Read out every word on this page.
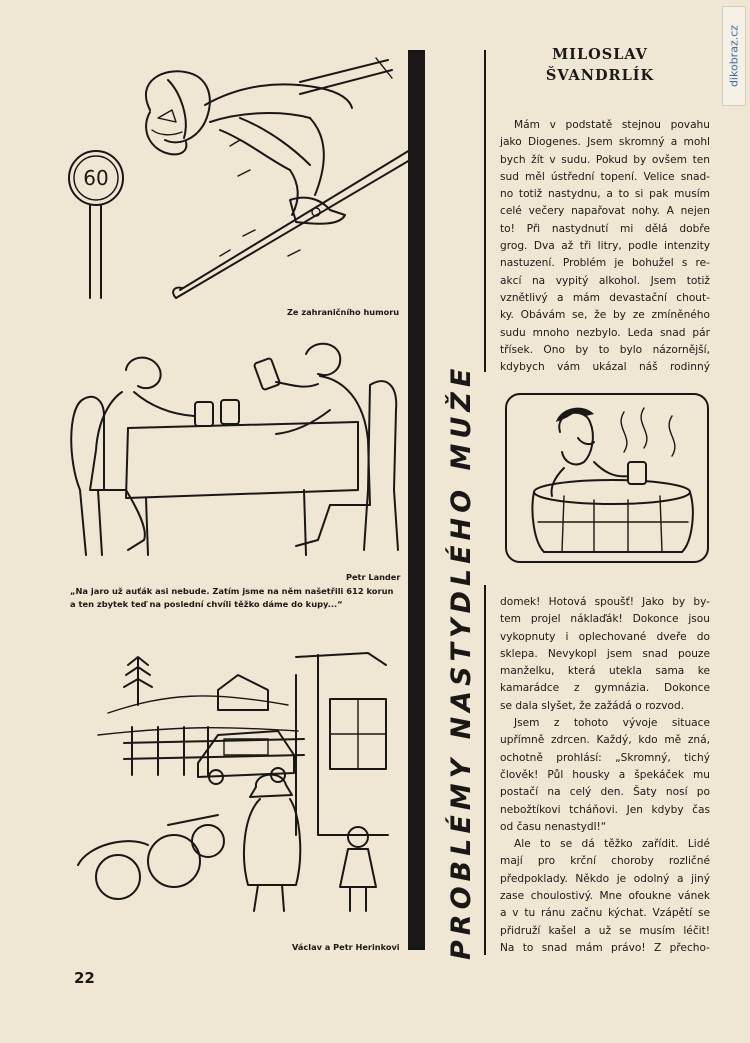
dikobraz.cz
Ze zahraničního humoru
Petr Lander
„Na jaro už auťák asi nebude. Zatím jsme na něm našetřili 612 korun
a ten zbytek teď na poslední chvíli těžko dáme do kupy...“
Václav a Petr Herinkovi
22
PROBLÉMY NASTYDLÉHO MUŽE
MILOSLAV
ŠVANDRLÍK

Mám v podstatě stejnou povahu

jako Diogenes. Jsem skromný a mohl

bych žít v sudu. Pokud by ovšem ten

sud měl ústřední topení. Velice snad-

no totiž nastydnu, a to si pak musím

celé večery napařovat nohy. A nejen

to! Při nastydnutí mi dělá dobře

grog. Dva až tři litry, podle intenzity

nastuzení. Problém je bohužel s re-

akcí na vypitý alkohol. Jsem totiž

vznětlivý a mám devastační chout-

ky. Obávám se, že by ze zmíněného

sudu mnoho nezbylo. Leda snad pár

třísek. Ono by to bylo názornější,

kdybych vám ukázal náš rodinný

domek! Hotová spoušť! Jako by by-

tem projel náklaďák! Dokonce jsou

vykopnuty i oplechované dveře do

sklepa. Nevykopl jsem snad pouze

manželku, která utekla sama ke

kamarádce z gymnázia. Dokonce

se dala slyšet, že zažádá o rozvod.

Jsem z tohoto vývoje situace

upřímně zdrcen. Každý, kdo mě zná,

ochotně prohlásí: „Skromný, tichý

člověk! Půl housky a špekáček mu

postačí na celý den. Šaty nosí po

nebožtíkovi tcháňovi. Jen kdyby čas

od času nenastydl!“

Ale to se dá těžko zařídit. Lidé

mají pro krční choroby rozličné

předpoklady. Někdo je odolný a jiný

zase choulostivý. Mne ofoukne vánek

a v tu ránu začnu kýchat. Vzápětí se

přidruží kašel a už se musím léčit!

Na to snad mám právo! Z přecho-

60
